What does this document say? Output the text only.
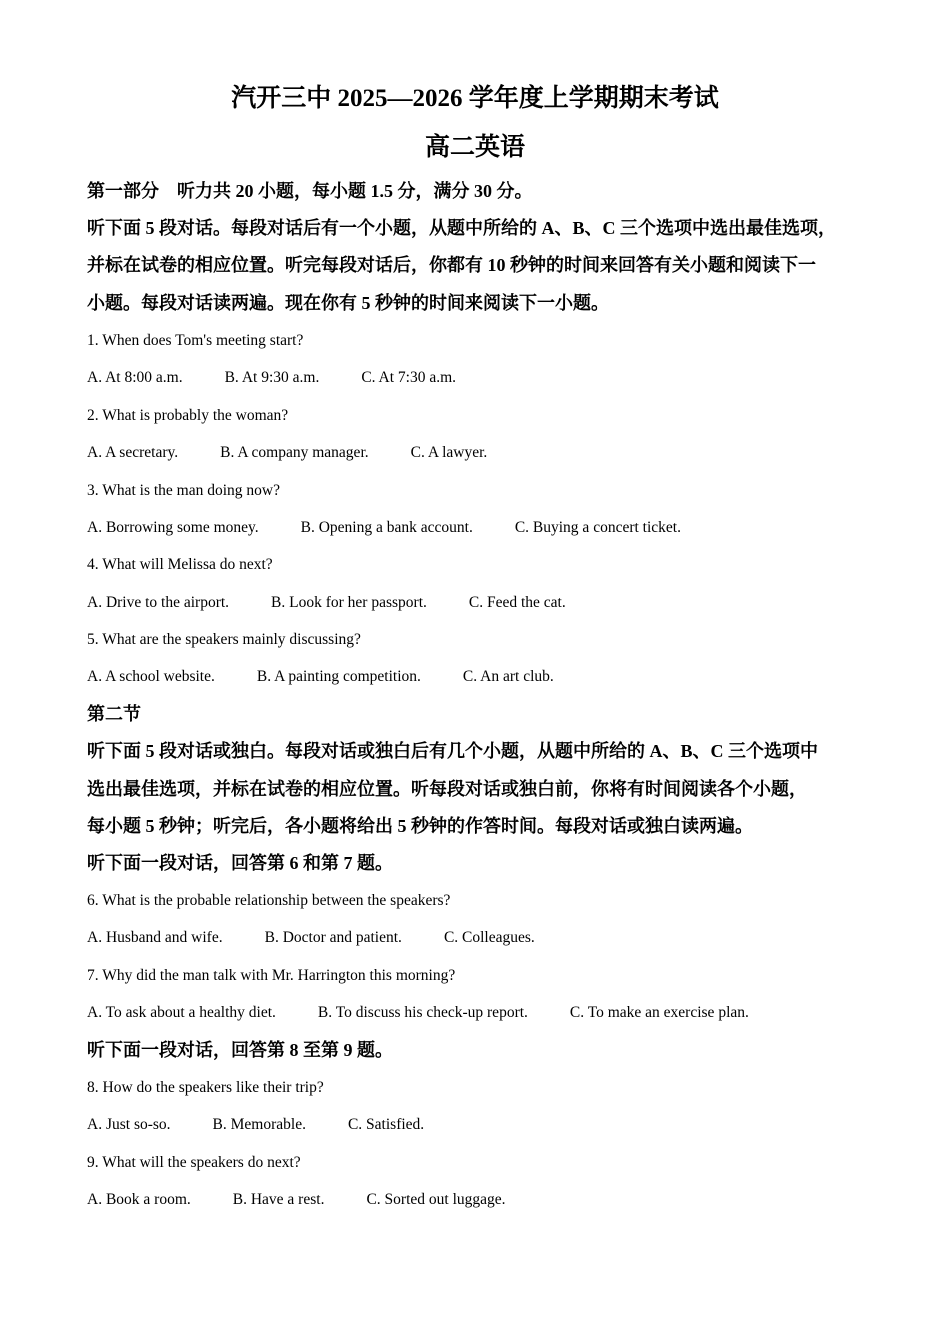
汽开三中 2025—2026 学年度上学期期末考试
高二英语
第一部分　听力共 20 小题，每小题 1.5 分，满分 30 分。
听下面 5 段对话。每段对话后有一个小题，从题中所给的 A、B、C 三个选项中选出最佳选项，
并标在试卷的相应位置。听完每段对话后，你都有 10 秒钟的时间来回答有关小题和阅读下一
小题。每段对话读两遍。现在你有 5 秒钟的时间来阅读下一小题。
1. When does Tom's meeting start?
A. At 8:00 a.m.	B. At 9:30 a.m.	C. At 7:30 a.m.
2. What is probably the woman?
A. A secretary.	B. A company manager.	C. A lawyer.
3. What is the man doing now?
A. Borrowing some money.	B. Opening a bank account.	C. Buying a concert ticket.
4. What will Melissa do next?
A. Drive to the airport.	B. Look for her passport.	C. Feed the cat.
5. What are the speakers mainly discussing?
A. A school website.	B. A painting competition.	C. An art club.
第二节
听下面 5 段对话或独白。每段对话或独白后有几个小题，从题中所给的 A、B、C 三个选项中
选出最佳选项，并标在试卷的相应位置。听每段对话或独白前，你将有时间阅读各个小题，
每小题 5 秒钟；听完后，各小题将给出 5 秒钟的作答时间。每段对话或独白读两遍。
听下面一段对话，回答第 6 和第 7 题。
6. What is the probable relationship between the speakers?
A. Husband and wife.	B. Doctor and patient.	C. Colleagues.
7. Why did the man talk with Mr. Harrington this morning?
A. To ask about a healthy diet.	B. To discuss his check-up report.	C. To make an exercise plan.
听下面一段对话，回答第 8 至第 9 题。
8. How do the speakers like their trip?
A. Just so-so.	B. Memorable.	C. Satisfied.
9. What will the speakers do next?
A. Book a room.	B. Have a rest.	C. Sorted out luggage.
